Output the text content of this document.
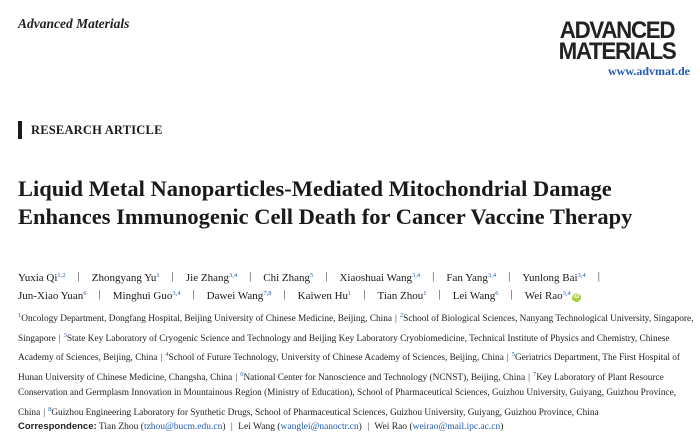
Advanced Materials	ADVANCED
MATERIALS
www.advmat.de
RESEARCH ARTICLE
Liquid Metal Nanoparticles-Mediated Mitochondrial Damage Enhances Immunogenic Cell Death for Cancer Vaccine Therapy
Yuxia Qi$^{1,2}$ | Zhongyang Yu$^1$ | Jie Zhang$^{3,4}$ | Chi Zhang$^5$ | Xiaoshuai Wang$^{3,4}$ | Fan Yang$^{3,4}$ | Yunlong Bai$^{3,4}$ |
Jun-Xiao Yuan$^6$ | Minghui Guo$^{3,4}$ | Dawei Wang$^{7,8}$ | Kaiwen Hu$^1$ | Tian Zhou$^1$ | Lei Wang$^6$ | Wei Rao$^{3,4}$ iD
$^1$Oncology Department, Dongfang Hospital, Beijing University of Chinese Medicine, Beijing, China | $^2$School of Biological Sciences, Nanyang Technological University, Singapore, Singapore | $^3$State Key Laboratory of Cryogenic Science and Technology and Beijing Key Laboratory Cryobiomedicine, Technical Institute of Physics and Chemistry, Chinese Academy of Sciences, Beijing, China | $^4$School of Future Technology, University of Chinese Academy of Sciences, Beijing, China | $^5$Geriatrics Department, The First Hospital of Hunan University of Chinese Medicine, Changsha, China | $^6$National Center for Nanoscience and Technology (NCNST), Beijing, China | $^7$Key Laboratory of Plant Resource Conservation and Germplasm Innovation in Mountainous Region (Ministry of Education), School of Pharmaceutical Sciences, Guizhou University, Guiyang, Guizhou Province, China | $^8$Guizhou Engineering Laboratory for Synthetic Drugs, School of Pharmaceutical Sciences, Guizhou University, Guiyang, Guizhou Province, China
Correspondence: Tian Zhou (tzhou@bucm.edu.cn) | Lei Wang (wanglei@nanoctr.cn) | Wei Rao (weirao@mail.ipc.ac.cn)
